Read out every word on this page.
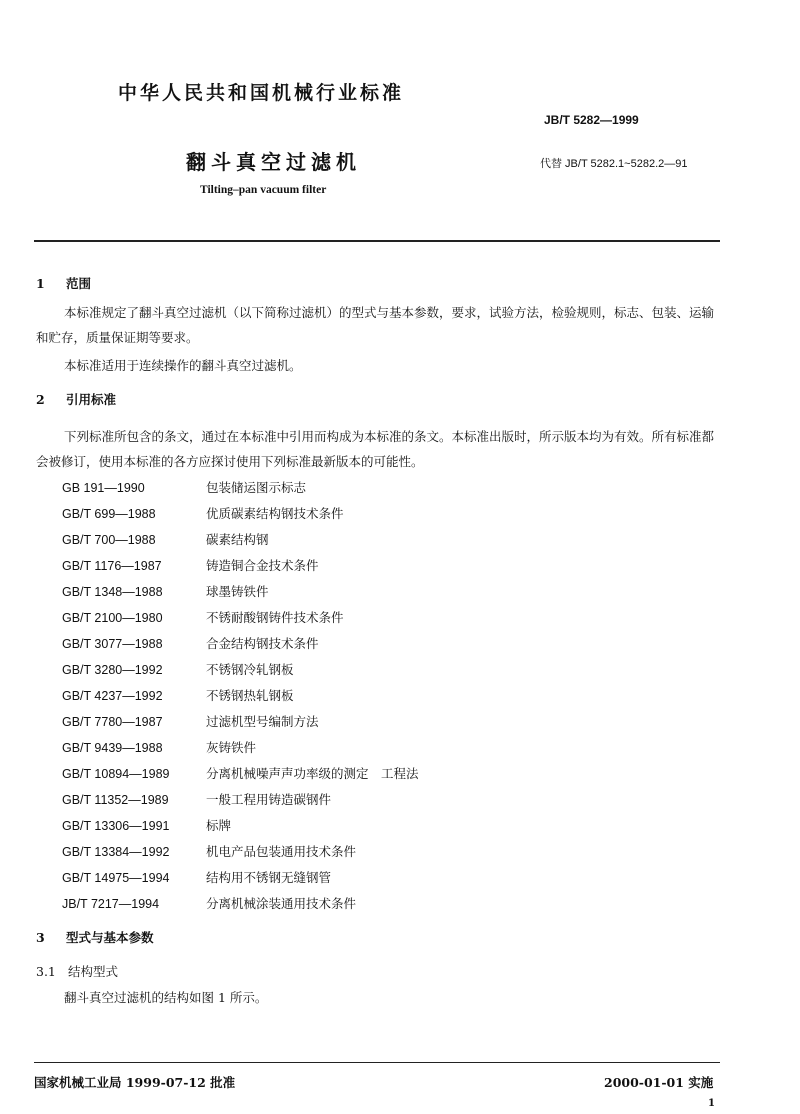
中华人民共和国机械行业标准
JB/T 5282—1999
翻斗真空过滤机	代替 JB/T 5282.1~5282.2—91
Tilting–pan vacuum filter
1 范围
本标准规定了翻斗真空过滤机（以下简称过滤机）的型式与基本参数，要求，试验方法，检验规则，标志、包装、运输和贮存，质量保证期等要求。
本标准适用于连续操作的翻斗真空过滤机。
2 引用标准
下列标准所包含的条文，通过在本标准中引用而构成为本标准的条文。本标准出版时，所示版本均为有效。所有标准都会被修订，使用本标准的各方应探讨使用下列标准最新版本的可能性。
GB 191—1990	包装储运图示标志
GB/T 699—1988	优质碳素结构钢技术条件
GB/T 700—1988	碳素结构钢
GB/T 1176—1987	铸造铜合金技术条件
GB/T 1348—1988	球墨铸铁件
GB/T 2100—1980	不锈耐酸钢铸件技术条件
GB/T 3077—1988	合金结构钢技术条件
GB/T 3280—1992	不锈钢冷轧钢板
GB/T 4237—1992	不锈钢热轧钢板
GB/T 7780—1987	过滤机型号编制方法
GB/T 9439—1988	灰铸铁件
GB/T 10894—1989	分离机械噪声声功率级的测定　工程法
GB/T 11352—1989	一般工程用铸造碳钢件
GB/T 13306—1991	标牌
GB/T 13384—1992	机电产品包装通用技术条件
GB/T 14975—1994	结构用不锈钢无缝钢管
JB/T 7217—1994	分离机械涂装通用技术条件
3 型式与基本参数
3.1 结构型式
翻斗真空过滤机的结构如图 1 所示。
国家机械工业局 1999-07-12 批准	2000-01-01 实施
1
